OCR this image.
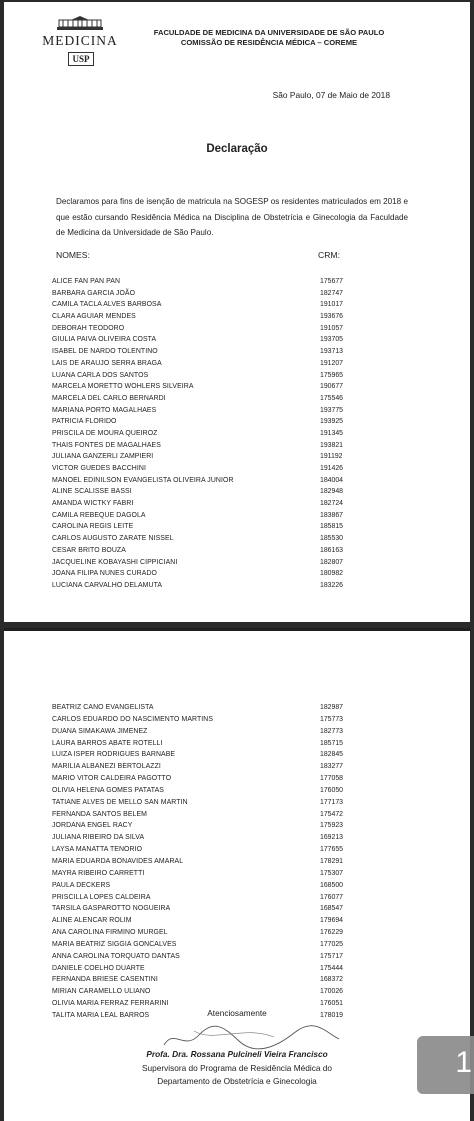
MEDICINA
USP
FACULDADE DE MEDICINA DA UNIVERSIDADE DE SÃO PAULO
COMISSÃO DE RESIDÊNCIA MÉDICA – COREME
São Paulo, 07 de Maio de 2018
Declaração
Declaramos para fins de isenção de matricula na SOGESP os residentes matriculados em 2018 e que estão cursando Residência Médica na Disciplina de Obstetrícia e Ginecologia da Faculdade de Medicina da Universidade de São Paulo.
NOMES:	CRM:
ALICE FAN PAN PAN	175677
BARBARA GARCIA JOÃO	182747
CAMILA TACLA ALVES BARBOSA	191017
CLARA AGUIAR MENDES	193676
DEBORAH TEODORO	191057
GIULIA PAIVA OLIVEIRA COSTA	193705
ISABEL DE NARDO TOLENTINO	193713
LAIS DE ARAUJO SERRA BRAGA	191207
LUANA CARLA DOS SANTOS	175965
MARCELA MORETTO WOHLERS SILVEIRA	190677
MARCELA DEL CARLO BERNARDI	175546
MARIANA PORTO MAGALHAES	193775
PATRICIA FLORIDO	193925
PRISCILA DE MOURA QUEIROZ	191345
THAIS FONTES DE MAGALHAES	193821
JULIANA GANZERLI ZAMPIERI	191192
VICTOR GUEDES BACCHINI	191426
MANOEL EDINILSON EVANGELISTA OLIVEIRA JUNIOR	184004
ALINE SCALISSE BASSI	182948
AMANDA WICTKY FABRI	182724
CAMILA REBEQUE DAGOLA	183867
CAROLINA REGIS LEITE	185815
CARLOS AUGUSTO ZARATE NISSEL	185530
CESAR BRITO BOUZA	186163
JACQUELINE KOBAYASHI CIPPICIANI	182807
JOANA FILIPA NUNES CURADO	180982
LUCIANA CARVALHO DELAMUTA	183226
BEATRIZ CANO EVANGELISTA	182987
CARLOS EDUARDO DO NASCIMENTO MARTINS	175773
DUANA SIMAKAWA JIMENEZ	182773
LAURA BARROS ABATE ROTELLI	185715
LUIZA ISPER RODRIGUES BARNABE	182845
MARILIA ALBANEZI BERTOLAZZI	183277
MARIO VITOR CALDEIRA PAGOTTO	177058
OLIVIA HELENA GOMES PATATAS	176050
TATIANE ALVES DE MELLO SAN MARTIN	177173
FERNANDA SANTOS BELEM	175472
JORDANA ENGEL RACY	175923
JULIANA RIBEIRO DA SILVA	169213
LAYSA MANATTA TENORIO	177655
MARIA EDUARDA BONAVIDES AMARAL	178291
MAYRA RIBEIRO CARRETTI	175307
PAULA DECKERS	168500
PRISCILLA LOPES CALDEIRA	176077
TARSILA GASPAROTTO NOGUEIRA	168547
ALINE ALENCAR ROLIM	179694
ANA CAROLINA FIRMINO MURGEL	176229
MARIA BEATRIZ SIGGIA GONCALVES	177025
ANNA CAROLINA TORQUATO DANTAS	175717
DANIELE COELHO DUARTE	175444
FERNANDA BRIESE CASENTINI	168372
MIRIAN CARAMELLO ULIANO	170026
OLIVIA MARIA FERRAZ FERRARINI	176051
TALITA MARIA LEAL BARROS	178019
Atenciosamente
Profa. Dra. Rossana Pulcineli Vieira Francisco
Supervisora do Programa de Residência Médica do
Departamento de Obstetrícia e Ginecologia
1
